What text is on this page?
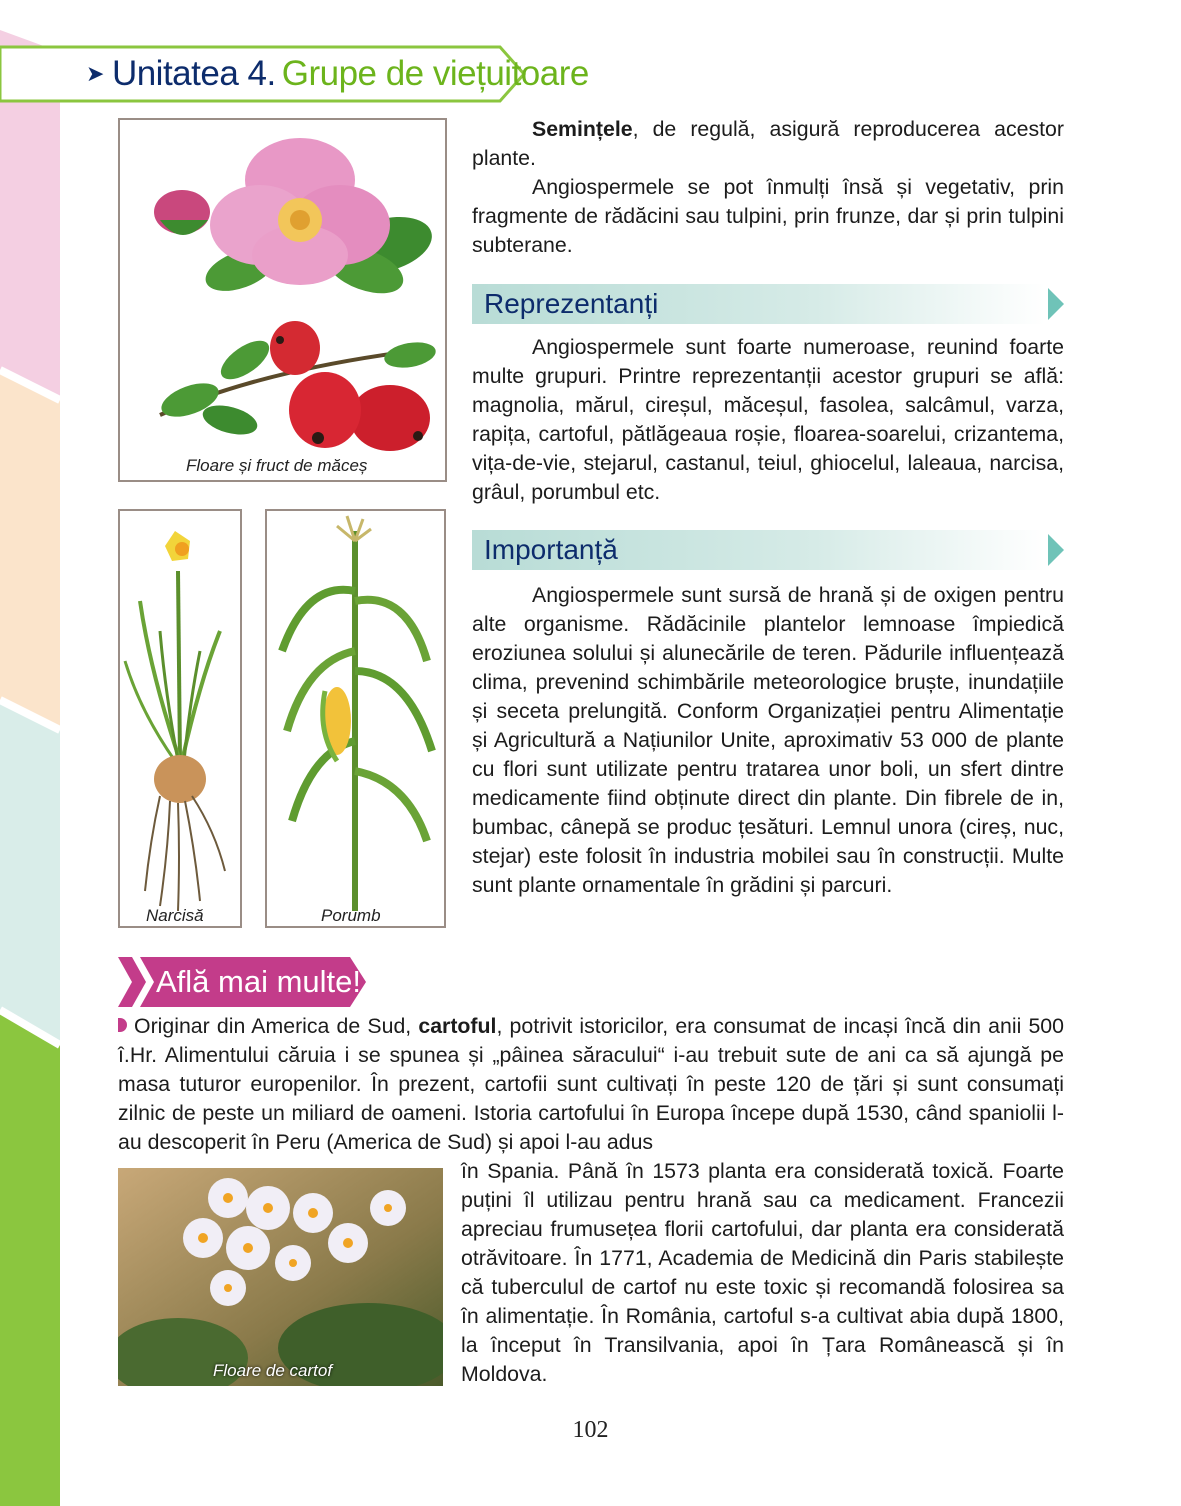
➤ Unitatea 4. Grupe de viețuitoare
Floare și fruct de măceș
Narcisă	Porumb

Semințele, de regulă, asigură reproducerea acestor plante.

Angiospermele se pot înmulți însă și vegetativ, prin fragmente de rădăcini sau tulpini, prin frunze, dar și prin tulpini subterane.

Reprezentanți

Angiospermele sunt foarte numeroase, reunind foarte multe grupuri. Printre reprezentanții acestor grupuri se află: magnolia, mărul, cireșul, măceșul, fasolea, salcâmul, varza, rapița, cartoful, pătlăgeaua roșie, floarea-soarelui, crizantema, vița-de-vie, stejarul, castanul, teiul, ghiocelul, laleaua, narcisa, grâul, porumbul etc.

Importanță

Angiospermele sunt sursă de hrană și de oxigen pentru alte organisme. Rădăcinile plantelor lemnoase împiedică eroziunea solului și alunecările de teren. Pădurile influențează clima, prevenind schimbările meteorologice bruște, inundațiile și seceta prelungită. Conform Organizației pentru Alimentație și Agricultură a Națiunilor Unite, aproximativ 53 000 de plante cu flori sunt utilizate pentru tratarea unor boli, un sfert dintre medicamente fiind obținute direct din plante. Din fibrele de in, bumbac, cânepă se produc țesături. Lemnul unora (cireș, nuc, stejar) este folosit în industria mobilei sau în construcții. Multe sunt plante ornamentale în grădini și parcuri.

Află mai multe!

Originar din America de Sud, cartoful, potrivit istoricilor, era consumat de incași încă din anii 500 î.Hr. Alimentului căruia i se spunea și „pâinea săracului“ i-au trebuit sute de ani ca să ajungă pe masa tuturor europenilor. În prezent, cartofii sunt cultivați în peste 120 de țări și sunt consumați zilnic de peste un miliard de oameni. Istoria cartofului în Europa începe după 1530, când spaniolii l-au descoperit în Peru (America de Sud) și apoi l-au adus

Floare de cartof

în Spania. Până în 1573 planta era considerată toxică. Foarte puțini îl utilizau pentru hrană sau ca medicament. Francezii apreciau frumusețea florii cartofului, dar planta era considerată otrăvitoare. În 1771, Academia de Medicină din Paris stabilește că tuberculul de cartof nu este toxic și recomandă folosirea sa în alimentație. În România, cartoful s-a cultivat abia după 1800, la început în Transilvania, apoi în Țara Românească și în Moldova.

102
